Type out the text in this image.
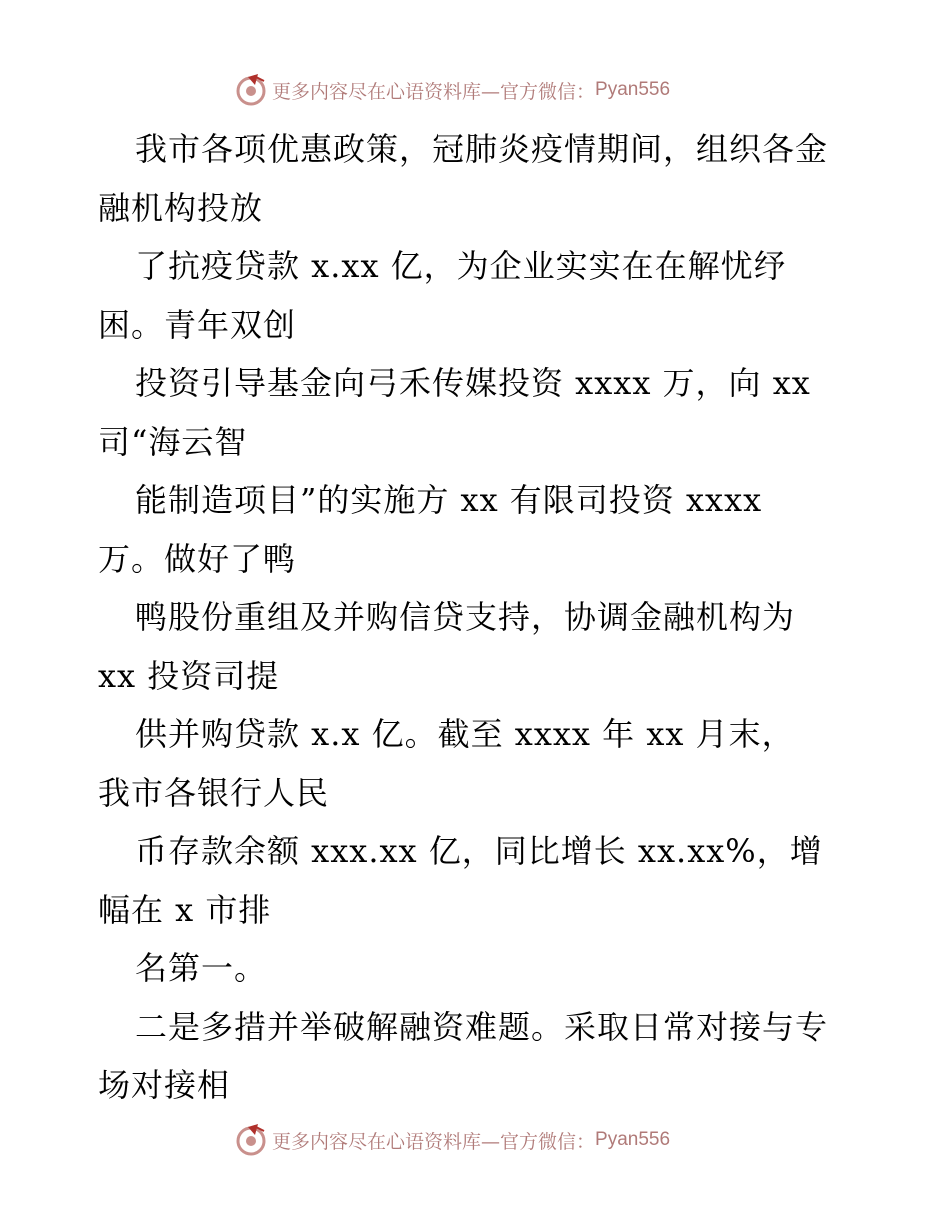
更多内容尽在心语资料库—官方微信： Pyan556
我市各项优惠政策，冠肺炎疫情期间，组织各金
融机构投放
了抗疫贷款 x.xx 亿，为企业实实在在解忧纾
困。青年双创
投资引导基金向弓禾传媒投资 xxxx 万，向 xx
司“海云智
能制造项目”的实施方 xx 有限司投资 xxxx
万。做好了鸭
鸭股份重组及并购信贷支持，协调金融机构为
xx 投资司提
供并购贷款 x.x 亿。截至 xxxx 年 xx 月末，
我市各银行人民
币存款余额 xxx.xx 亿，同比增长 xx.xx%，增
幅在 x 市排
名第一。
二是多措并举破解融资难题。采取日常对接与专
场对接相
更多内容尽在心语资料库—官方微信： Pyan556
